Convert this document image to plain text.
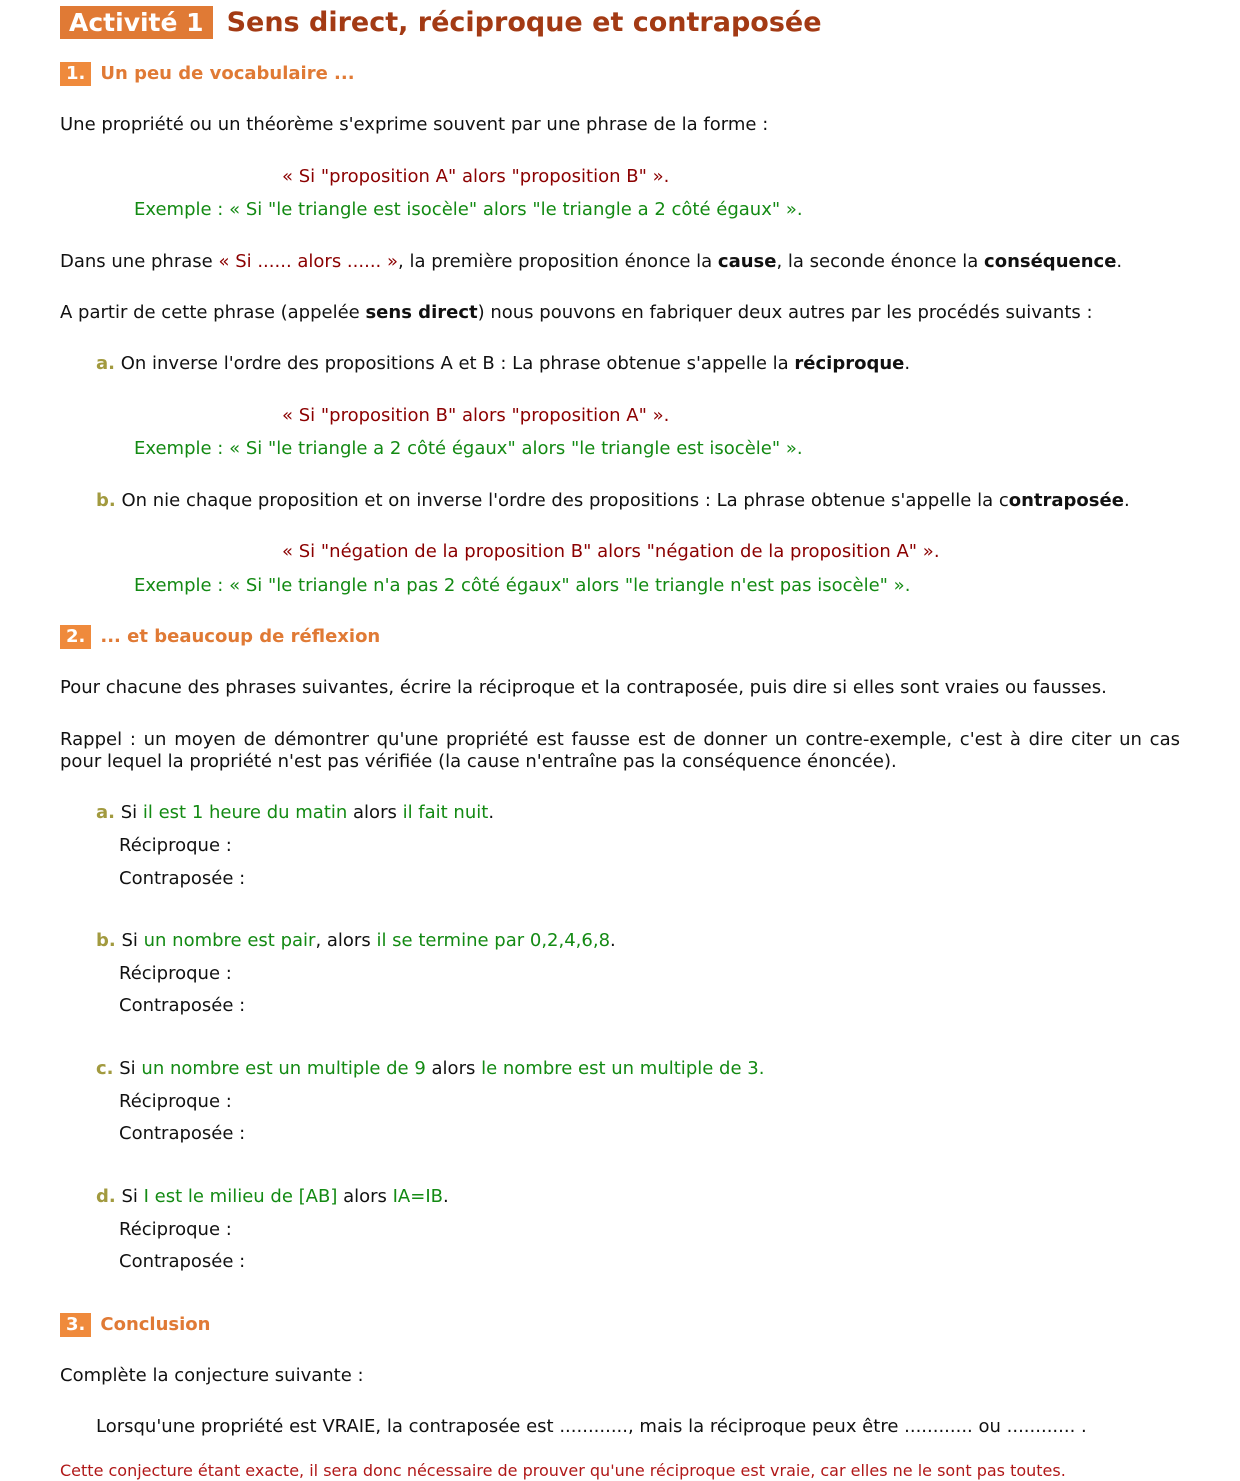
Activité 1 Sens direct, réciproque et contraposée
1. Un peu de vocabulaire ...
Une propriété ou un théorème s'exprime souvent par une phrase de la forme :
« Si "proposition A" alors "proposition B" ».
Exemple : « Si "le triangle est isocèle" alors "le triangle a 2 côté égaux" ».
Dans une phrase « Si ...... alors ...... », la première proposition énonce la cause, la seconde énonce la conséquence.
A partir de cette phrase (appelée sens direct) nous pouvons en fabriquer deux autres par les procédés suivants :
a. On inverse l'ordre des propositions A et B : La phrase obtenue s'appelle la réciproque.
« Si "proposition B" alors "proposition A" ».
Exemple : « Si "le triangle a 2 côté égaux" alors "le triangle est isocèle" ».
b. On nie chaque proposition et on inverse l'ordre des propositions : La phrase obtenue s'appelle la contraposée.
« Si "négation de la proposition B" alors "négation de la proposition A" ».
Exemple : « Si "le triangle n'a pas 2 côté égaux" alors "le triangle n'est pas isocèle" ».
2. ... et beaucoup de réflexion
Pour chacune des phrases suivantes, écrire la réciproque et la contraposée, puis dire si elles sont vraies ou fausses.
Rappel : un moyen de démontrer qu'une propriété est fausse est de donner un contre-exemple, c'est à dire citer un cas pour lequel la propriété n'est pas vérifiée (la cause n'entraîne pas la conséquence énoncée).
a. Si il est 1 heure du matin alors il fait nuit.
Réciproque :
Contraposée :
b. Si un nombre est pair, alors il se termine par 0,2,4,6,8.
Réciproque :
Contraposée :
c. Si un nombre est un multiple de 9 alors le nombre est un multiple de 3.
Réciproque :
Contraposée :
d. Si I est le milieu de [AB] alors IA=IB.
Réciproque :
Contraposée :
3. Conclusion
Complète la conjecture suivante :
Lorsqu'une propriété est VRAIE, la contraposée est ............, mais la réciproque peux être ............ ou ............ .
Cette conjecture étant exacte, il sera donc nécessaire de prouver qu'une réciproque est vraie, car elles ne le sont pas toutes.
